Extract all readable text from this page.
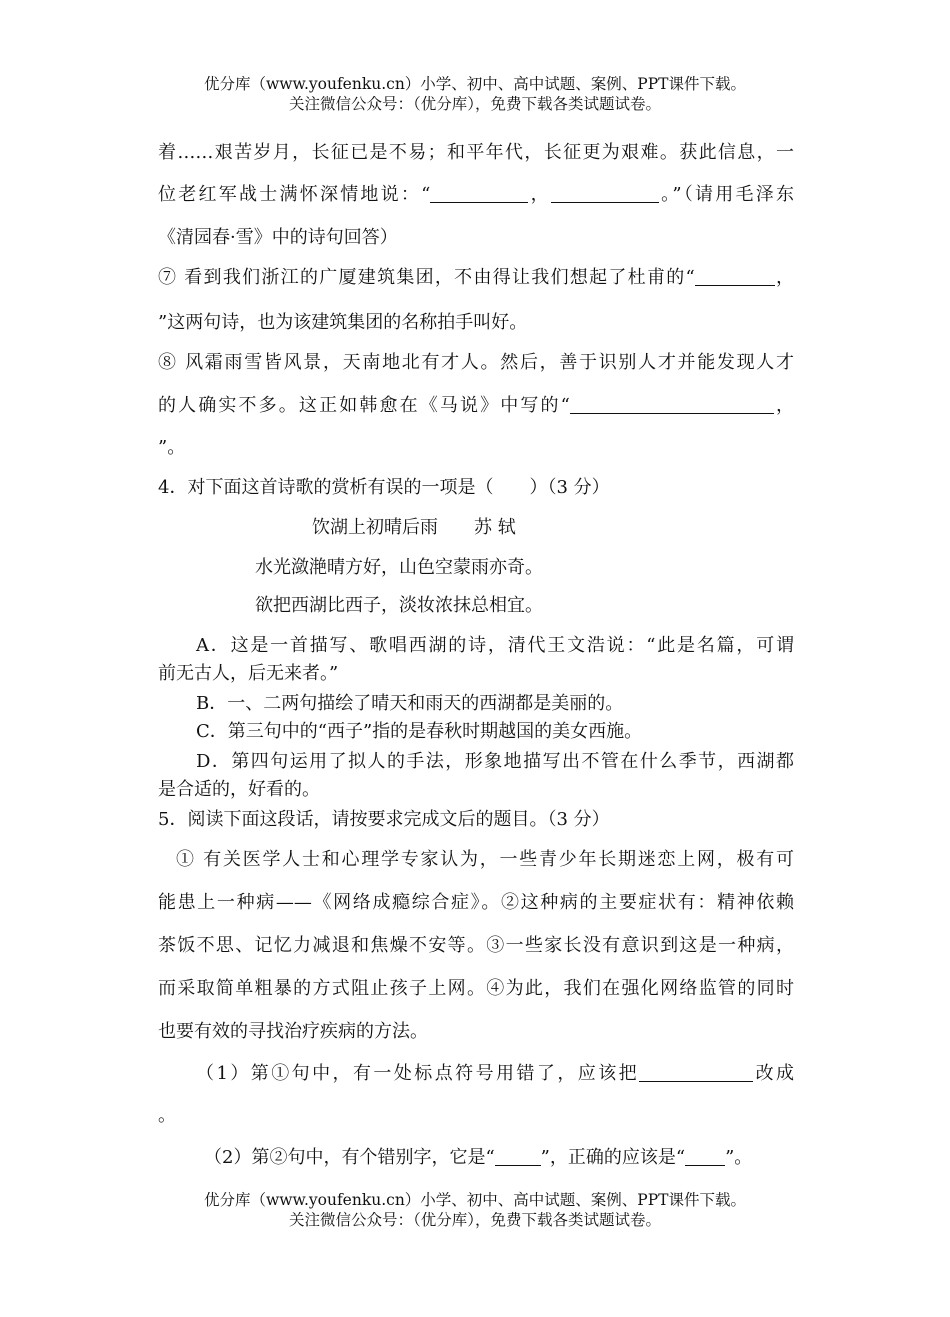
优分库（www.youfenku.cn）小学、初中、高中试题、案例、PPT课件下载。
关注微信公众号：（优分库），免费下载各类试题试卷。
着……艰苦岁月，长征已是不易；和平年代，长征更为艰难。获此信息，一
位老红军战士满怀深情地说：“	，	。”（请用毛泽东
《清园春·雪》中的诗句回答）
⑦ 看到我们浙江的广厦建筑集团，不由得让我们想起了杜甫的“	，
”这两句诗，也为该建筑集团的名称拍手叫好。
⑧ 风霜雨雪皆风景，天南地北有才人。然后，善于识别人才并能发现人才
的人确实不多。这正如韩愈在《马说》中写的“	，
”。
4．对下面这首诗歌的赏析有误的一项是（　　）（3 分）
饮湖上初晴后雨　　苏 轼
水光潋滟晴方好，山色空蒙雨亦奇。
欲把西湖比西子，淡妆浓抹总相宜。
A．这是一首描写、歌唱西湖的诗，清代王文浩说：“此是名篇，可谓
前无古人，后无来者。”
B．一、二两句描绘了晴天和雨天的西湖都是美丽的。
C．第三句中的“西子”指的是春秋时期越国的美女西施。
D．第四句运用了拟人的手法，形象地描写出不管在什么季节，西湖都
是合适的，好看的。
5．阅读下面这段话，请按要求完成文后的题目。（3 分）
① 有关医学人士和心理学专家认为，一些青少年长期迷恋上网，极有可
能患上一种病——《网络成瘾综合症》。②这种病的主要症状有：精神依赖
茶饭不思、记忆力减退和焦燥不安等。③一些家长没有意识到这是一种病，
而采取简单粗暴的方式阻止孩子上网。④为此，我们在强化网络监管的同时
也要有效的寻找治疗疾病的方法。
（1）第①句中，有一处标点符号用错了，应该把	改成
。
（2）第②句中，有个错别字，它是“	”，正确的应该是“ ”。
优分库（www.youfenku.cn）小学、初中、高中试题、案例、PPT课件下载。
关注微信公众号：（优分库），免费下载各类试题试卷。
